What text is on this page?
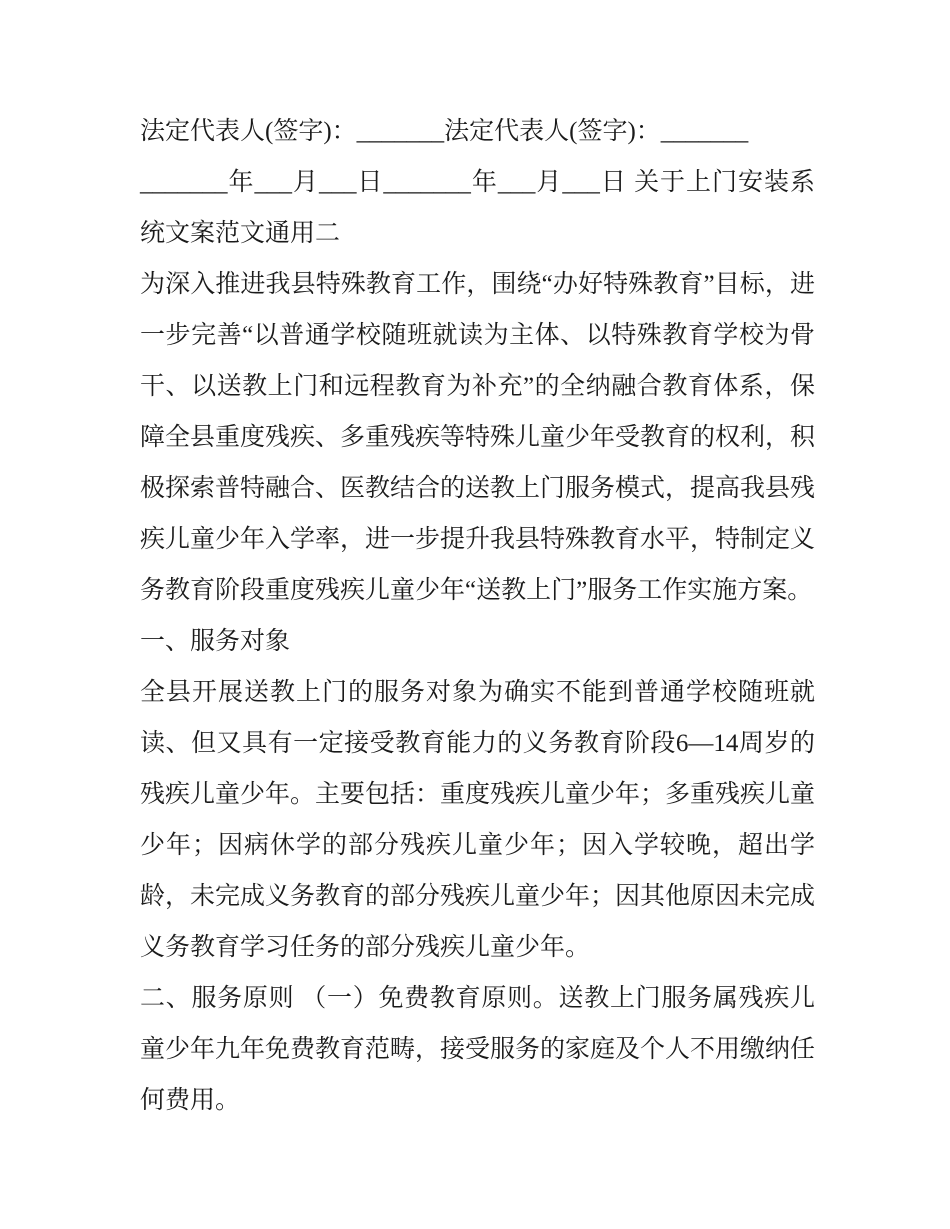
法定代表人(签字)：_______法定代表人(签字)：_______

_______年___月___日_______年___月___日 关于上门安装系统文案范文通用二

为深入推进我县特殊教育工作，围绕“办好特殊教育”目标，进一步完善“以普通学校随班就读为主体、以特殊教育学校为骨干、以送教上门和远程教育为补充”的全纳融合教育体系，保障全县重度残疾、多重残疾等特殊儿童少年受教育的权利，积极探索普特融合、医教结合的送教上门服务模式，提高我县残疾儿童少年入学率，进一步提升我县特殊教育水平，特制定义务教育阶段重度残疾儿童少年“送教上门”服务工作实施方案。

一、服务对象

全县开展送教上门的服务对象为确实不能到普通学校随班就读、但又具有一定接受教育能力的义务教育阶段6—14周岁的残疾儿童少年。主要包括：重度残疾儿童少年；多重残疾儿童少年；因病休学的部分残疾儿童少年；因入学较晚，超出学龄，未完成义务教育的部分残疾儿童少年；因其他原因未完成义务教育学习任务的部分残疾儿童少年。

二、服务原则 （一）免费教育原则。送教上门服务属残疾儿童少年九年免费教育范畴，接受服务的家庭及个人不用缴纳任何费用。
